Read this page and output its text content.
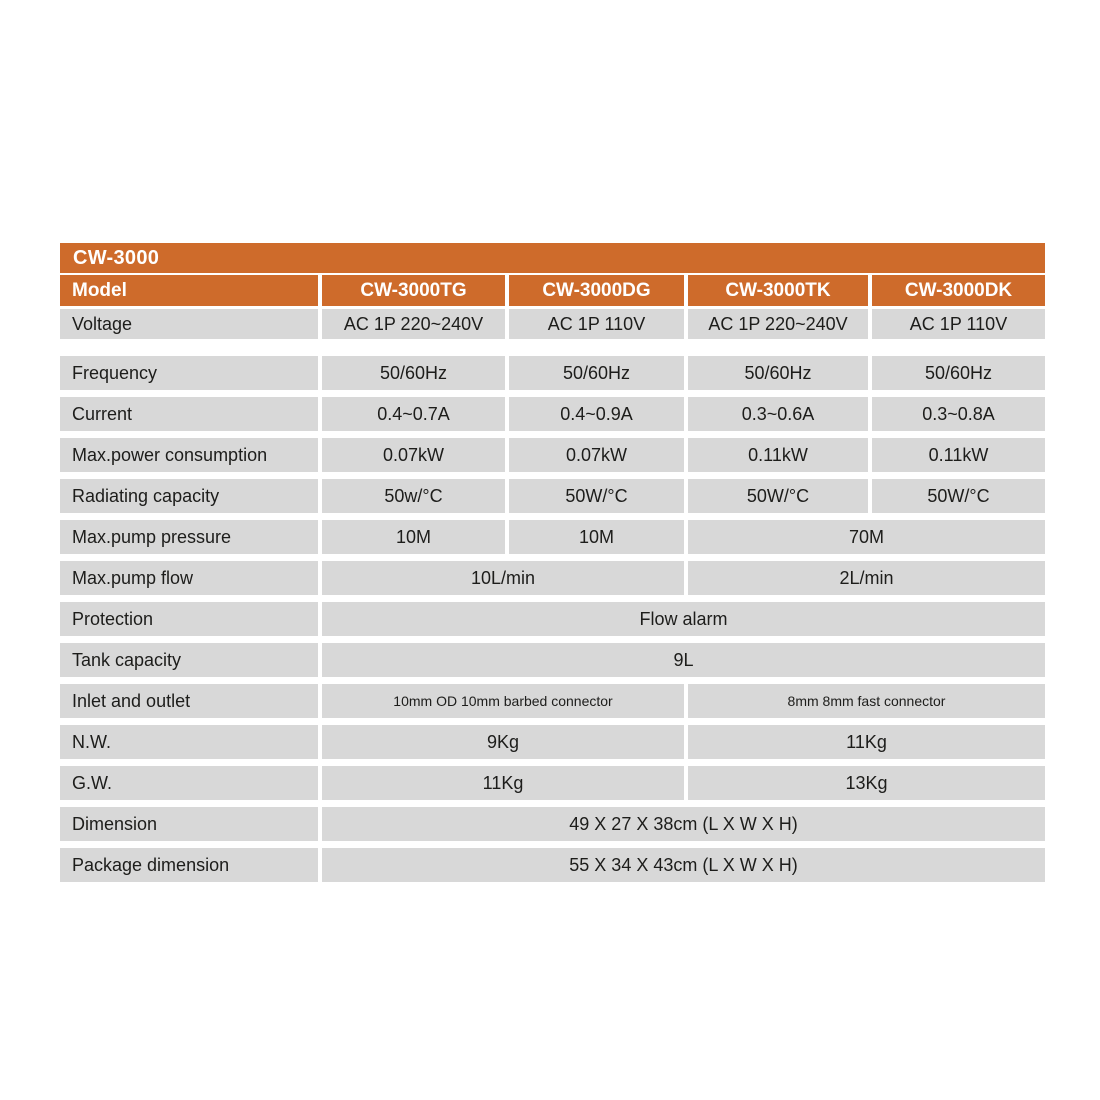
CW-3000
Model	CW-3000TG	CW-3000DG	CW-3000TK	CW-3000DK
Voltage	AC 1P 220~240V	AC 1P 110V	AC 1P 220~240V	AC 1P 110V
Frequency	50/60Hz	50/60Hz	50/60Hz	50/60Hz
Current	0.4~0.7A	0.4~0.9A	0.3~0.6A	0.3~0.8A
Max.power consumption	0.07kW	0.07kW	0.11kW	0.11kW
Radiating capacity	50w/°C	50W/°C	50W/°C	50W/°C
Max.pump pressure	10M	10M	70M
Max.pump flow	10L/min	2L/min
Protection	Flow alarm
Tank capacity	9L
Inlet and outlet	10mm OD 10mm barbed connector	8mm 8mm fast connector
N.W.	9Kg	11Kg
G.W.	11Kg	13Kg
Dimension	49 X 27 X 38cm (L X W X H)
Package dimension	55 X 34 X 43cm (L X W X H)
